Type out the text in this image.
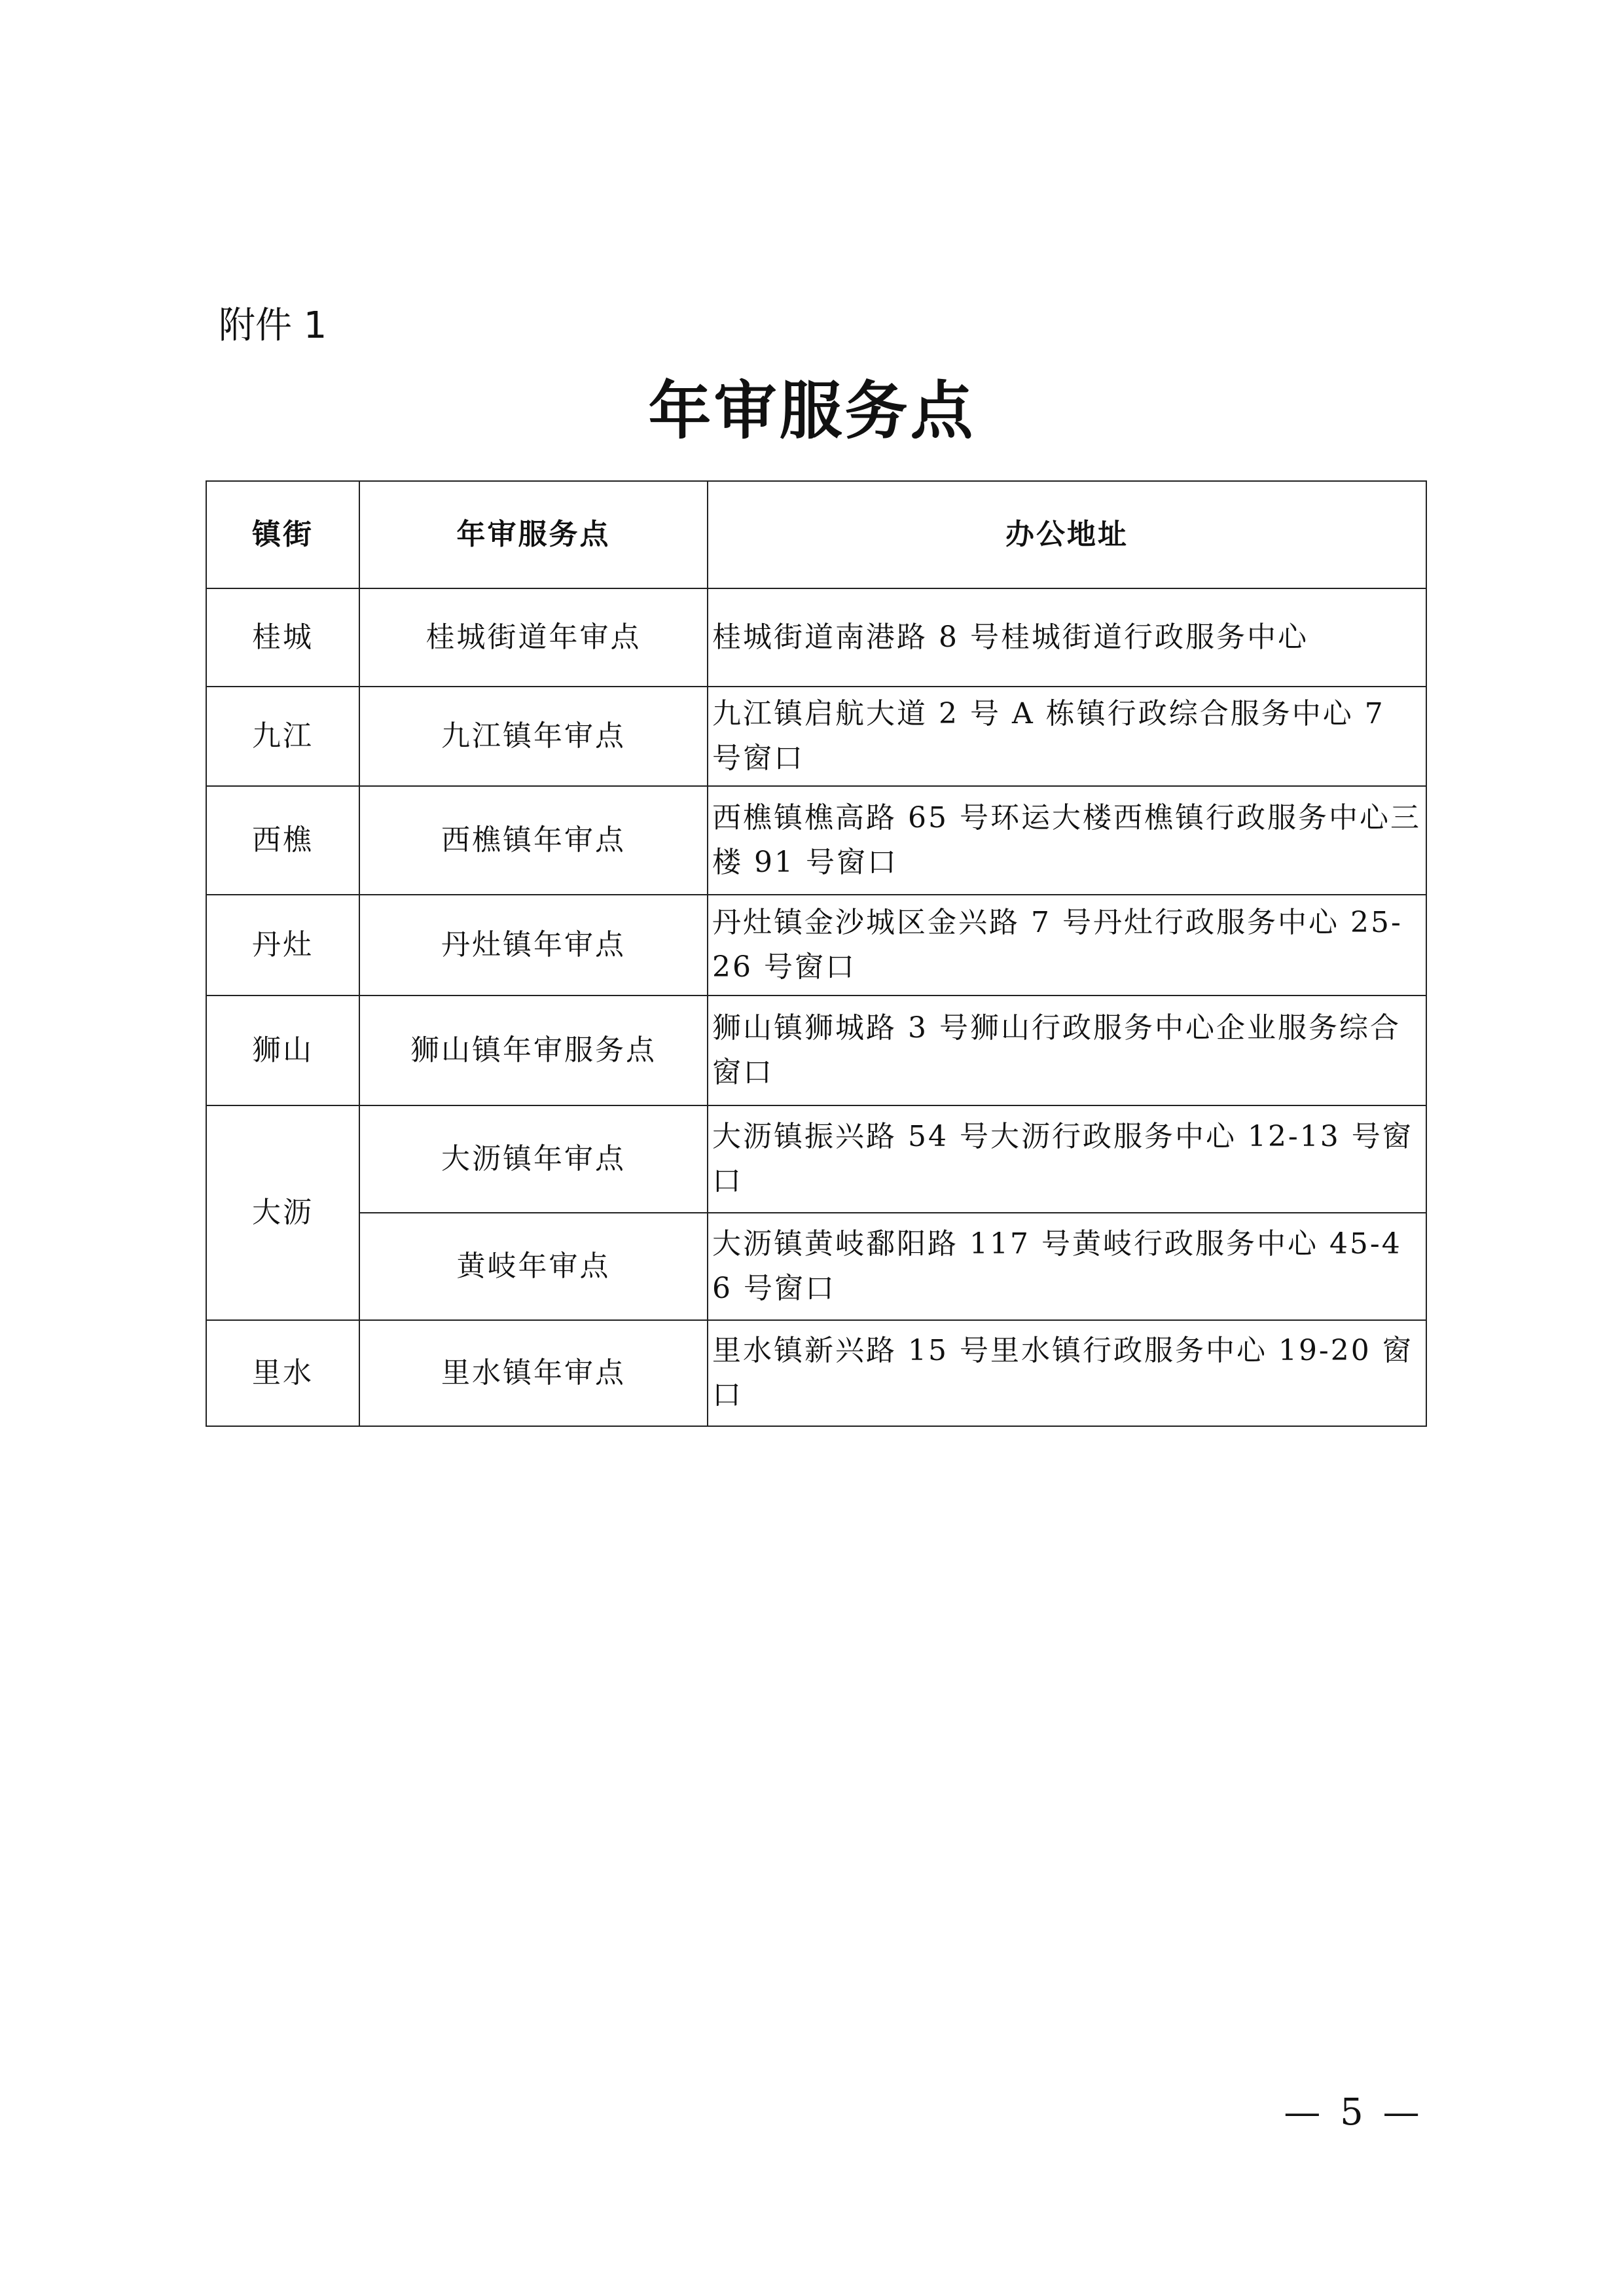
附件 1
年审服务点
镇街	年审服务点	办公地址
桂城	桂城街道年审点	桂城街道南港路 8 号桂城街道行政服务中心
九江	九江镇年审点	九江镇启航大道 2 号 A 栋镇行政综合服务中心 7 号窗口
西樵	西樵镇年审点	西樵镇樵高路 65 号环运大楼西樵镇行政服务中心三楼 91 号窗口
丹灶	丹灶镇年审点	丹灶镇金沙城区金兴路 7 号丹灶行政服务中心 25-26 号窗口
狮山	狮山镇年审服务点	狮山镇狮城路 3 号狮山行政服务中心企业服务综合窗口
大沥	大沥镇年审点	大沥镇振兴路 54 号大沥行政服务中心 12-13 号窗口
	黄岐年审点	大沥镇黄岐鄱阳路 117 号黄岐行政服务中心 45-46 号窗口
里水	里水镇年审点	里水镇新兴路 15 号里水镇行政服务中心 19-20 窗口
— 5 —
